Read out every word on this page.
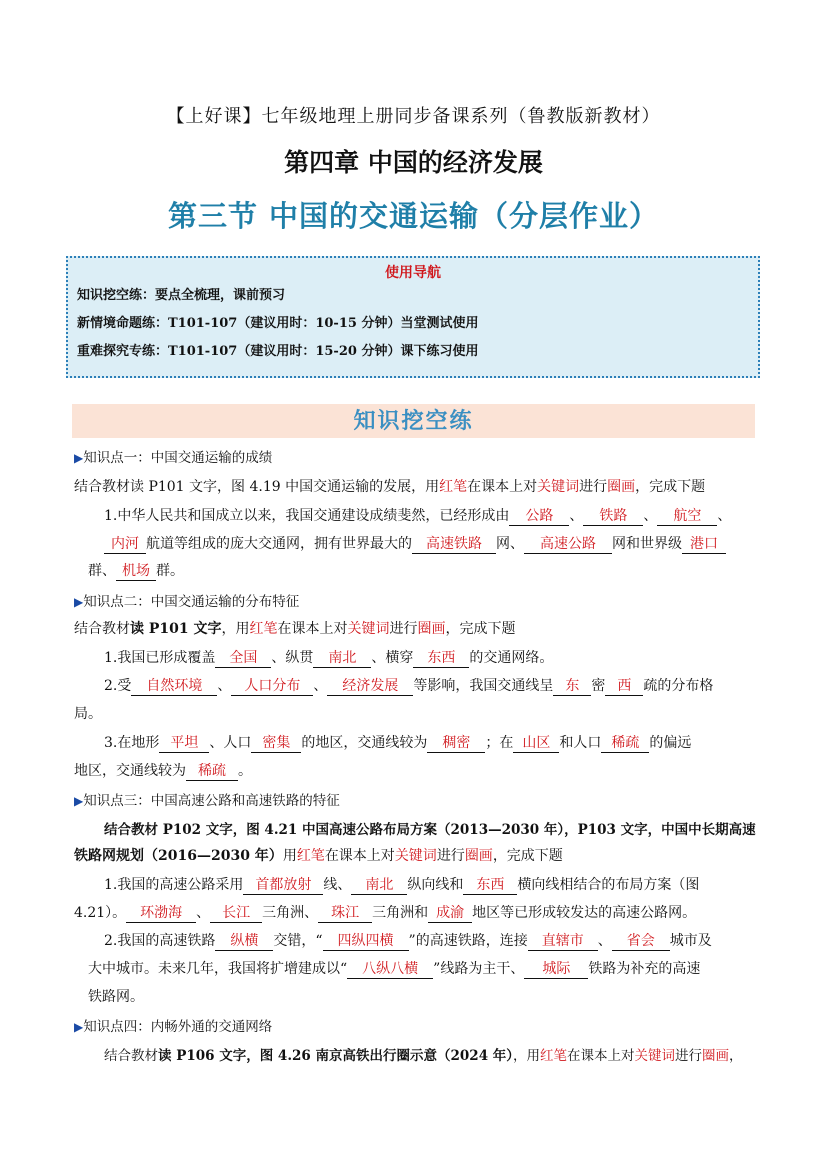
【上好课】七年级地理上册同步备课系列（鲁教版新教材）
第四章 中国的经济发展
第三节 中国的交通运输（分层作业）
使用导航
知识挖空练：要点全梳理，课前预习
新情境命题练：T101-107（建议用时：10-15 分钟）当堂测试使用
重难探究专练：T101-107（建议用时：15-20 分钟）课下练习使用
知识挖空练
▶知识点一：中国交通运输的成绩
结合教材读 P101 文字，图 4.19 中国交通运输的发展，用红笔在课本上对关键词进行圈画，完成下题
1.中华人民共和国成立以来，我国交通建设成绩斐然，已经形成由 公路 、 铁路 、 航空 、
内河 航道等组成的庞大交通网，拥有世界最大的 高速铁路 网、 高速公路 网和世界级 港口
群、 机场 群。
▶知识点二：中国交通运输的分布特征
结合教材读 P101 文字，用红笔在课本上对关键词进行圈画，完成下题
1.我国已形成覆盖 全国 、纵贯 南北 、横穿 东西 的交通网络。
2.受 自然环境 、 人口分布 、 经济发展 等影响，我国交通线呈 东 密 西 疏的分布格
局。
3.在地形 平坦 、人口 密集 的地区，交通线较为 稠密 ；在 山区 和人口 稀疏 的偏远
地区，交通线较为 稀疏 。
▶知识点三：中国高速公路和高速铁路的特征
结合教材 P102 文字，图 4.21 中国高速公路布局方案（2013—2030 年），P103 文字，中国中长期高速
铁路网规划（2016—2030 年）用红笔在课本上对关键词进行圈画，完成下题
1.我国的高速公路采用 首都放射 线、 南北 纵向线和 东西 横向线相结合的布局方案（图
4.21）。 环渤海 、 长江 三角洲、 珠江 三角洲和 成渝 地区等已形成较发达的高速公路网。
2.我国的高速铁路 纵横 交错，“ 四纵四横 ”的高速铁路，连接 直辖市 、 省会 城市及
大中城市。未来几年，我国将扩增建成以“ 八纵八横 ”线路为主干、 城际 铁路为补充的高速
铁路网。
▶知识点四：内畅外通的交通网络
结合教材读 P106 文字，图 4.26 南京高铁出行圈示意（2024 年），用红笔在课本上对关键词进行圈画，
